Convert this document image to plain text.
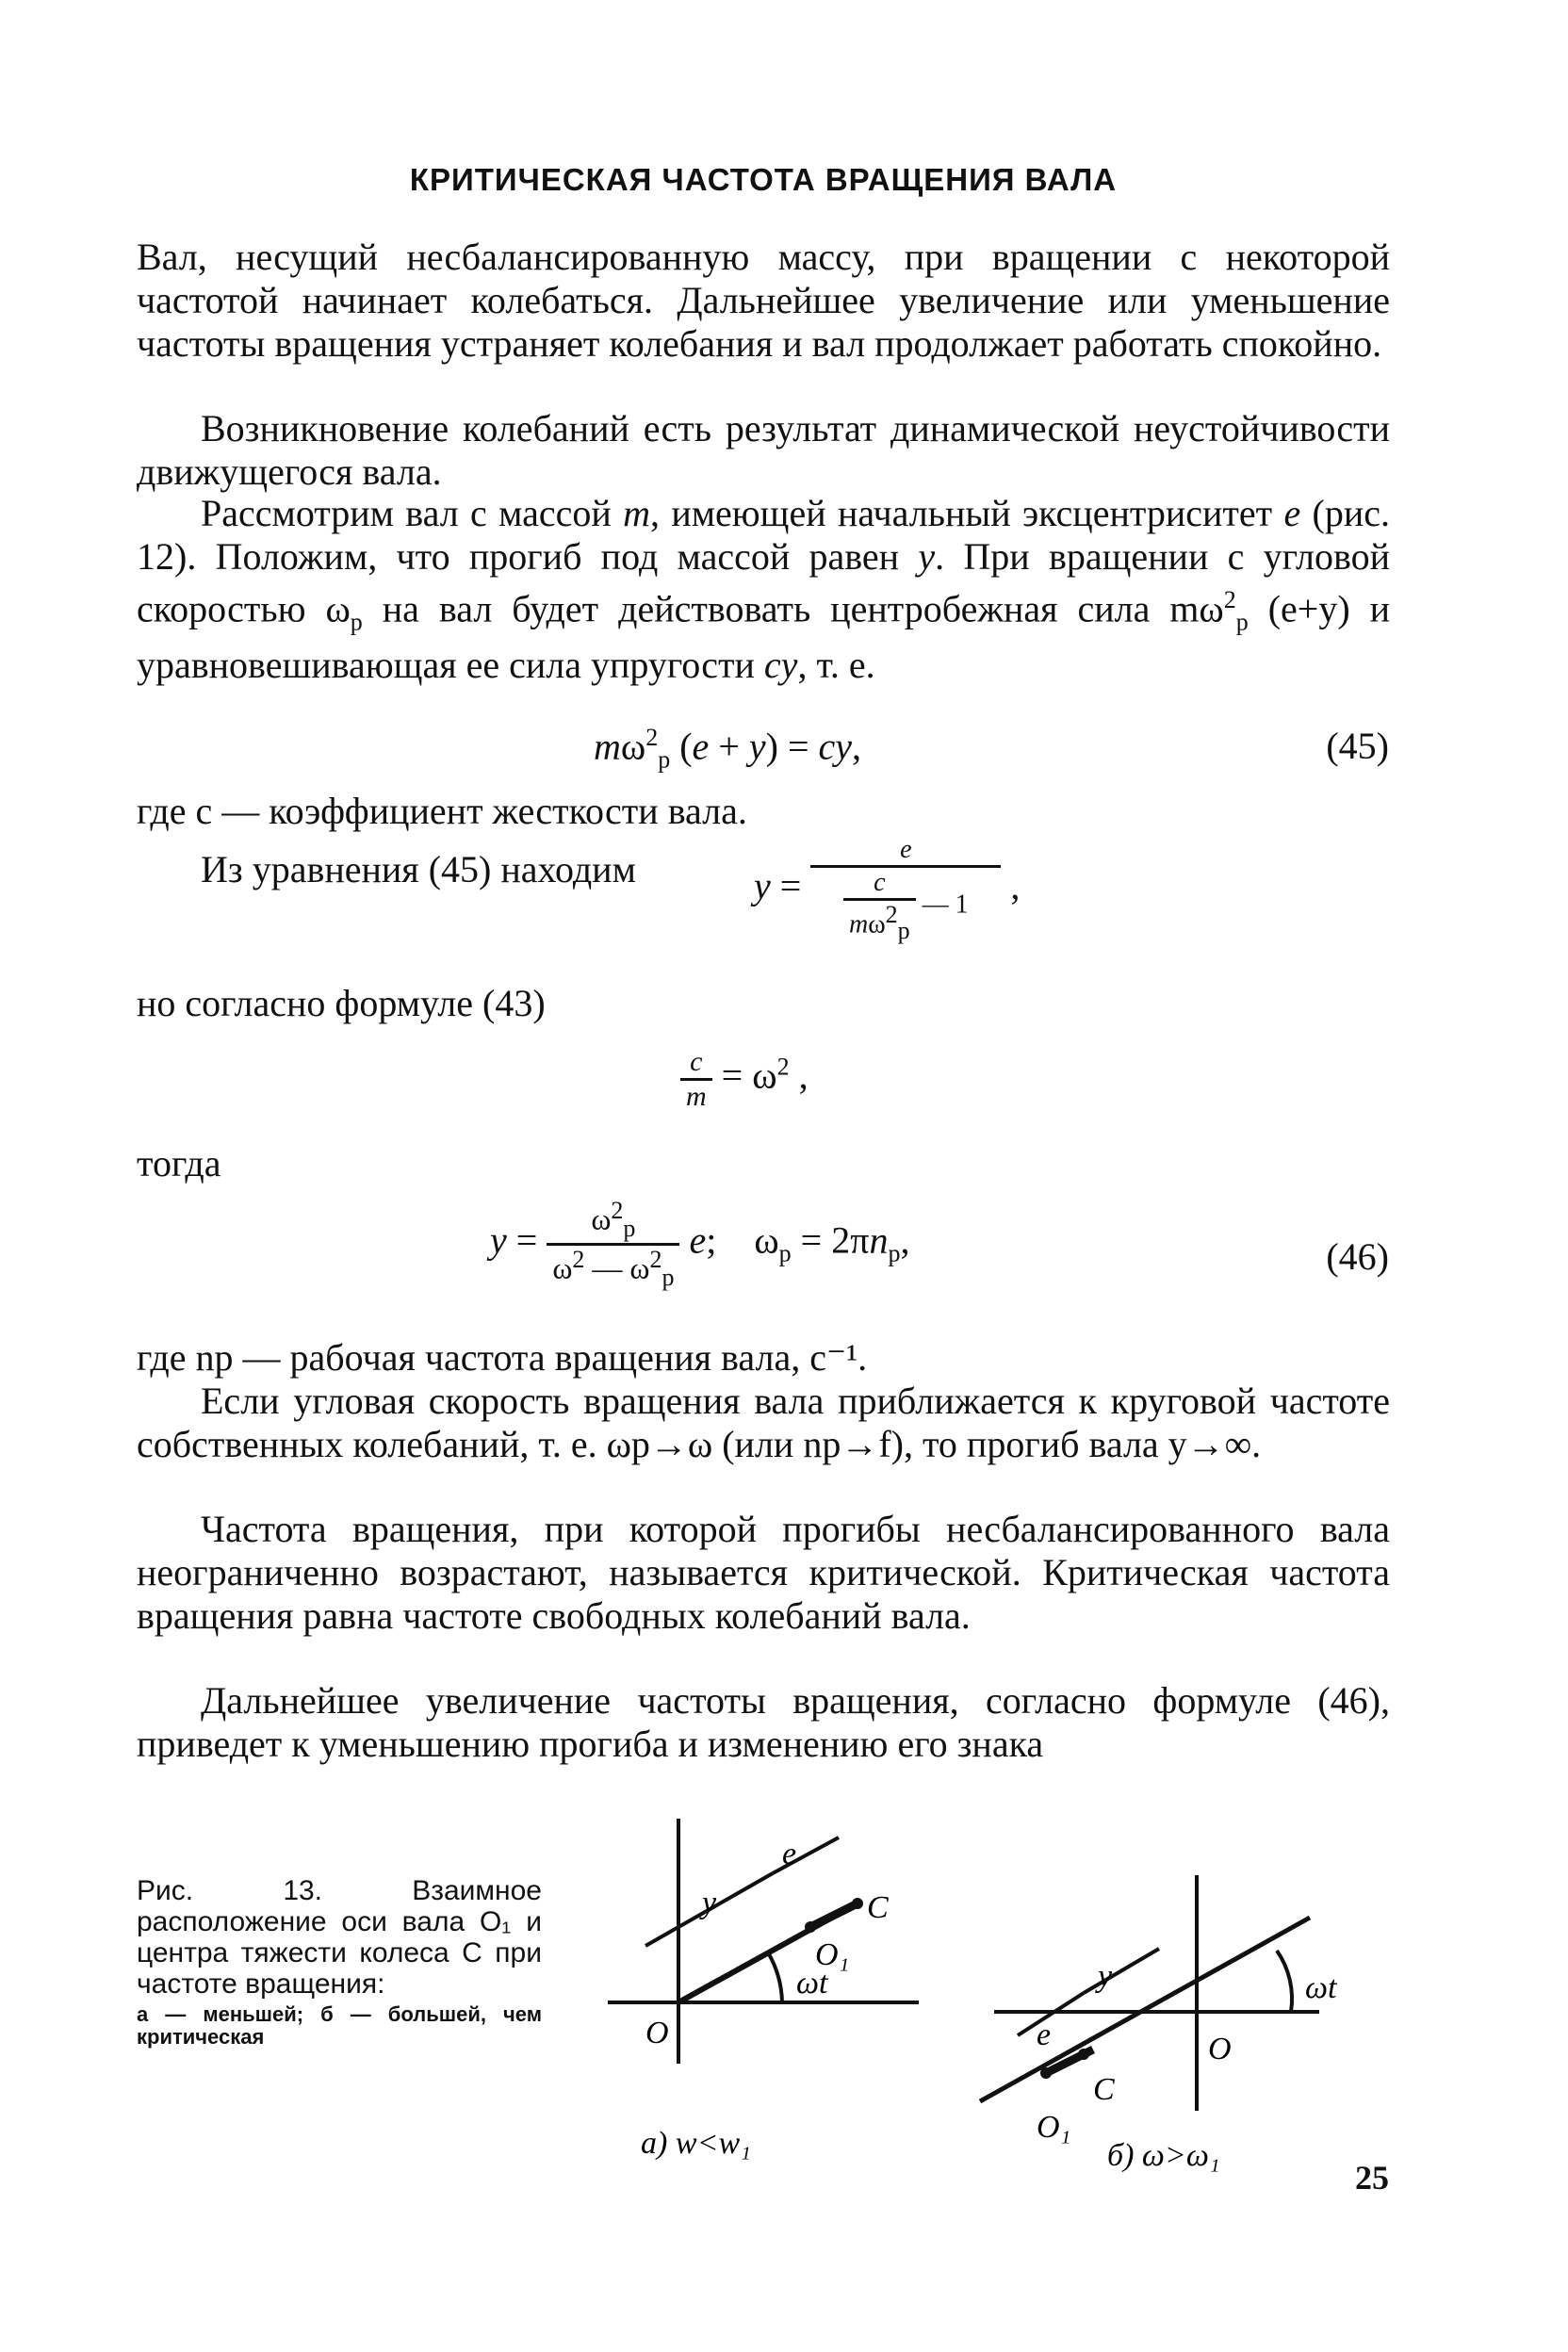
КРИТИЧЕСКАЯ ЧАСТОТА ВРАЩЕНИЯ ВАЛА

Вал, несущий несбалансированную массу, при вращении с некоторой частотой начинает колебаться. Дальнейшее увеличение или уменьшение частоты вращения устраняет колебания и вал продолжает работать спокойно.

Возникновение колебаний есть результат динамической неустойчивости движущегося вала.

Рассмотрим вал с массой m, имеющей начальный эксцентриситет e (рис. 12). Положим, что прогиб под массой равен y. При вращении с угловой скоростью $\omega_р$ на вал будет действовать центробежная сила $m\omega^2_р$ (e+y) и уравновешивающая ее сила упругости cy, т. е.

$m\omega^2_р$ (e + y) = cy,	(45)

где c — коэффициент жесткости вала.

Из уравнения (45) находим	$y = \frac{e}{\frac{c}{m\omega^2_р} — 1}$ ,

но согласно формуле (43)

$\frac{c}{m} = \omega^2$ ,

тогда

$y = \frac{\omega^2_р}{\omega^2 — \omega^2_р} e$;    $\omega_р = 2\pi n_р$,	(46)

где nр — рабочая частота вращения вала, с⁻¹.

Если угловая скорость вращения вала приближается к круговой частоте собственных колебаний, т. е. ωр→ω (или nр→f), то прогиб вала y→∞.

Частота вращения, при которой прогибы несбалансированного вала неограниченно возрастают, называется критической. Критическая частота вращения равна частоте свободных колебаний вала.

Дальнейшее увеличение частоты вращения, согласно формуле (46), приведет к уменьшению прогиба и изменению его знака

Рис. 13. Взаимное расположение оси вала O₁ и центра тяжести колеса C при частоте вращения:
а — меньшей; б — большей, чем критическая
e
y	C
O₁
ωt
O
а) w<w₁
e
y
C
O₁
ωt
O
б) ω>ω₁
25
